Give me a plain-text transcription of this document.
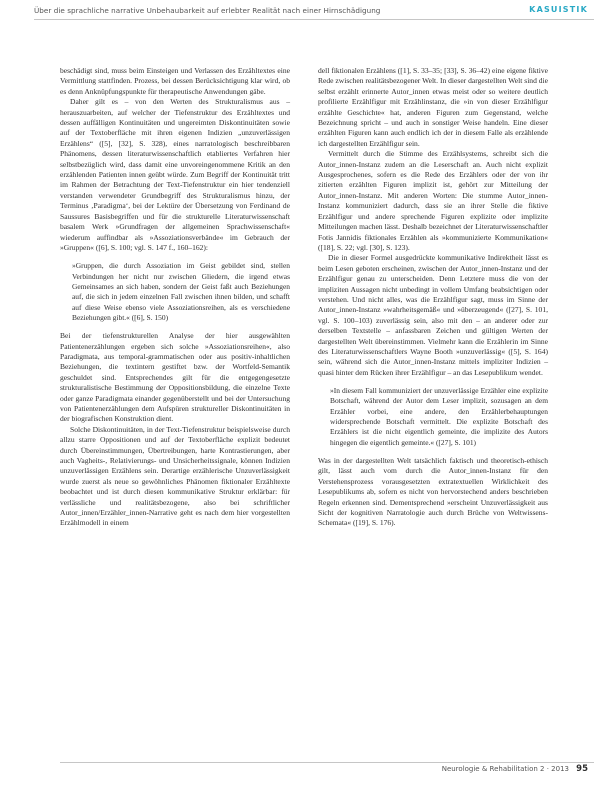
Über die sprachliche narrative Unbehaubarkeit auf erlebter Realität nach einer Hirnschädigung	KASUISTIK

beschädigt sind, muss beim Einsteigen und Verlassen des Erzähltextes eine Vermittlung stattfinden. Prozess, bei dessen Berücksichtigung klar wird, ob es denn Anknüpfungspunkte für therapeutische Anwendungen gäbe.

Daher gilt es – von den Werten des Strukturalismus aus – herauszuarbeiten, auf welcher der Tiefenstruktur des Erzähltextes und dessen auffälligen Kontinuitäten und ungereimten Diskontinuitäten sowie auf der Textoberfläche mit ihren eigenen Indizien „unzuverlässigen Erzählens“ ([5], [32], S. 328), eines narratologisch beschreibbaren Phänomens, dessen literaturwissenschaftlich etabliertes Verfahren hier selbstbezüglich wird, dass damit eine unvoreingenommene Kritik an den erzählenden Patienten innen geübt würde. Zum Begriff der Kontinuität tritt im Rahmen der Betrachtung der Text-Tiefenstruktur ein hier tendenziell verstanden verwendeter Grundbegriff des Strukturalismus hinzu, der Terminus ‚Paradigma‘, bei der Lektüre der Übersetzung von Ferdinand de Saussures Basisbegriffen und für die strukturelle Literaturwissenschaft basalem Werk »Grundfragen der allgemeinen Sprachwissenschaft« wiederum auffindbar als »Assoziationsverbände« im Gebrauch der »Gruppen« ([6], S. 100; vgl. S. 147 f., 160–162):

»Gruppen, die durch Assoziation im Geist gebildet sind, stellen Verbindungen her nicht nur zwischen Gliedern, die irgend etwas Gemeinsames an sich haben, sondern der Geist faßt auch Beziehungen auf, die sich in jedem einzelnen Fall zwischen ihnen bilden, und schafft auf diese Weise ebenso viele Assoziationsreihen, als es verschiedene Beziehungen gibt.« ([6], S. 150)

Bei der tiefenstrukturellen Analyse der hier ausgewählten Patientenerzählungen ergeben sich solche »Assoziationsreihen«, also Paradigmata, aus temporal-grammatischen oder aus positiv-inhaltlichen Beziehungen, die textintern gestiftet bzw. der Wortfeld-Semantik geschuldet sind. Entsprechendes gilt für die entgegengesetzte strukturalistische Bestimmung der Oppositionsbildung, die einzelne Texte oder ganze Paradigmata einander gegenüberstellt und bei der Untersuchung von Patientenerzählungen dem Aufspüren struktureller Diskontinuitäten in der biografischen Konstruktion dient.

Solche Diskontinuitäten, in der Text-Tiefenstruktur beispielsweise durch allzu starre Oppositionen und auf der Textoberfläche explizit bedeutet durch Übereinstimmungen, Übertreibungen, harte Kontrastierungen, aber auch Vagheits-, Relativierungs- und Unsicherheitssignale, können Indizien unzuverlässigen Erzählens sein. Derartige erzählerische Unzuverlässigkeit wurde zuerst als neue so gewöhnliches Phänomen fiktionaler Erzähltexte beobachtet und ist durch diesen kommunikative Struktur erklärbar: für verlässliche und realitätsbezogene, also bei schriftlicher Autor_innen/Erzähler_innen-Narrative geht es nach dem hier vorgestellten Erzählmodell in einem

dell fiktionalen Erzählens ([1], S. 33–35; [33], S. 36–42) eine eigene fiktive Rede zwischen realitätsbezogener Welt. In dieser dargestellten Welt sind die selbst erzählt erinnerte Autor_innen etwas meist oder so weitere deutlich profilierte Erzählfigur mit Erzählinstanz, die »in von dieser Erzählfigur erzählte Geschichte« hat, anderen Figuren zum Gegenstand, welche Bezeichnung spricht – und auch in sonstiger Weise handeln. Eine dieser erzählten Figuren kann auch endlich ich der in diesem Falle als erzählende ich dargestellten Erzählfigur sein.

Vermittelt durch die Stimme des Erzählsystems, schreibt sich die Autor_innen-Instanz zudem an die Leserschaft an. Auch nicht explizit Ausgesprochenes, sofern es die Rede des Erzählers oder der von ihr zitierten erzählten Figuren implizit ist, gehört zur Mitteilung der Autor_innen-Instanz. Mit anderen Worten: Die stumme Autor_innen-Instanz kommuniziert dadurch, dass sie an ihrer Stelle die fiktive Erzählfigur und andere sprechende Figuren explizite oder implizite Mitteilungen machen lässt. Deshalb bezeichnet der Literaturwissenschaftler Fotis Jannidis fiktionales Erzählen als »kommunizierte Kommunikation« ([18], S. 22; vgl. [30], S. 123).

Die in dieser Formel ausgedrückte kommunikative Indirektheit lässt es beim Lesen geboten erscheinen, zwischen der Autor_innen-Instanz und der Erzählfigur genau zu unterscheiden. Denn Letztere muss die von der impliziten Aussagen nicht unbedingt in vollem Umfang beabsichtigen oder verstehen. Und nicht alles, was die Erzählfigur sagt, muss im Sinne der Autor_innen-Instanz »wahrheitsgemäß« und »überzeugend« ([27], S. 101, vgl. S. 100–103) zuverlässig sein, also mit den – an anderer oder zur derselben Textstelle – anfassbaren Zeichen und gültigen Werten der dargestellten Welt übereinstimmen. Vielmehr kann die Erzählerin im Sinne des Literaturwissenschaftlers Wayne Booth »unzuverlässig« ([5], S. 164) sein, während sich die Autor_innen-Instanz mittels impliziter Indizien – quasi hinter dem Rücken ihrer Erzählfigur – an das Lesepublikum wendet.

»In diesem Fall kommuniziert der unzuverlässige Erzähler eine explizite Botschaft, während der Autor dem Leser implizit, sozusagen an dem Erzähler vorbei, eine andere, den Erzählerbehauptungen widersprechende Botschaft vermittelt. Die explizite Botschaft des Erzählers ist die nicht eigentlich gemeinte, die implizite des Autors hingegen die eigentlich gemeinte.« ([27], S. 101)

Was in der dargestellten Welt tatsächlich faktisch und theoretisch-ethisch gilt, lässt auch vom durch die Autor_innen-Instanz für den Verstehensprozess vorausgesetzten extratextuellen Wirklichkeit des Lesepublikums ab, sofern es nicht von hervorstechend anders beschrieben Regeln erkennen sind. Dementsprechend »erscheint Unzuverlässigkeit aus Sicht der kognitiven Narratologie auch durch Brüche von Weltwissens-Schemata« ([19], S. 176).

Neurologie & Rehabilitation 2 · 2013 95
